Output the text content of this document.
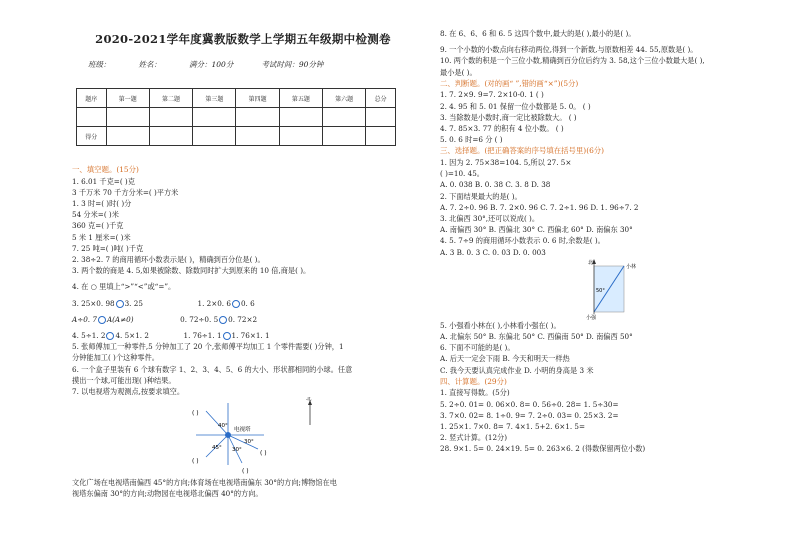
2020-2021学年度冀教版数学上学期五年级期中检测卷
班级：	姓名：	满分：100分	考试时间：90分钟
题序	第一题	第二题	第三题	第四题	第五题	第六题	总分

得分							
一、填空题。(15分)
1. 6.01 千克=( )克
3 千万米 70 千方分米=( )平方米
1. 3 时=( )时( )分
54 分米=( )米
360 克=( )千克
5 米 1 厘米=( )米
7. 25 吨=( )吨( )千克
2. 38÷2. 7 的商用循环小数表示是( )，精确到百分位是( )。
3. 两个数的商是 4. 5,如果被除数、除数同时扩大到原来的 10 倍,商是( )。
4. 在 ○ 里填上“>”“<”或“=”。
3. 25×0. 98 3. 25	1. 2×0. 6 0. 6
A÷0. 7 A(A≠0)	0. 72÷0. 5 0. 72×2
4. 5÷1. 2 4. 5×1. 2	1. 76÷1. 1 1. 76×1. 1
5. 张师傅加工一种零件,5 分钟加工了 20 个,张师傅平均加工 1 个零件需要( )分钟，1
分钟能加工( )个这种零件。
6. 一个盒子里装有 6 个球有数字 1、2、3、4、5、6 的大小、形状都相同的小球。任意
摸出一个球,可能出现( )种结果。
7. 以电视塔为观测点,按要求填空。
40°
45° 30°
30°
电视塔
( )
( )
( )
( )
北
文化广场在电视塔南偏西 45°的方向;体育场在电视塔南偏东 30°的方向;博物馆在电
视塔东偏南 30°的方向;动物园在电视塔北偏西 40°的方向。
8. 在 6、6、6 和 6. 5 这四个数中,最大的是( ),最小的是( )。
9. 一个小数的小数点向右移动两位,得到一个新数,与原数相差 44. 55,原数是( )。
10. 两个数的积是一个三位小数,精确到百分位后约为 3. 58,这个三位小数最大是( ),
最小是( )。
二、判断题。(对的画“ ”,错的画“×”)(5分)
1. 7. 2×9. 9=7. 2×10-0. 1 ( )
2. 4. 95 和 5. 01 保留一位小数都是 5. 0。 ( )
3. 当除数是小数时,商一定比被除数大。 ( )
4. 7. 85×3. 77 的积有 4 位小数。 ( )
5. 0. 6 时=6 分 ( )
三、选择题。(把正确答案的序号填在括号里)(6分)
1. 因为 2. 75×38=104. 5,所以 27. 5×
( )=10. 45。
A. 0. 038 B. 0. 38 C. 3. 8 D. 38
2. 下面结果最大的是( )。
A. 7. 2÷0. 96 B. 7. 2×0. 96 C. 7. 2÷1. 96 D. 1. 96÷7. 2
3. 北偏西 30°,还可以说成( )。
A. 南偏西 30° B. 西偏北 30° C. 西偏北 60° D. 南偏东 30°
4. 5. 7÷9 的商用循环小数表示 0. 6 时,余数是( )。
A. 3 B. 0. 3 C. 0. 03 D. 0. 003
北
小林
50°
小强
5. 小强看小林在( ),小林看小强在( )。
A. 北偏东 50° B. 东偏北 50° C. 西偏南 50° D. 南偏西 50°
6. 下面不可能的是( )。
A. 后天一定会下雨 B. 今天和明天一样热
C. 我今天要认真完成作业 D. 小明的身高是 3 米
四、计算题。(29分)
1. 直接写得数。(5分)
5. 2÷0. 01= 0. 06×0. 8= 0. 56÷0. 28= 1. 5÷30=
3. 7×0. 02= 8. 1÷0. 9= 7. 2÷0. 03= 0. 25×3. 2=
1. 25×1. 7×0. 8= 7. 4×1. 5+2. 6×1. 5=
2. 竖式计算。(12分)
28. 9×1. 5= 0. 24×19. 5= 0. 263×6. 2 (得数保留两位小数)
